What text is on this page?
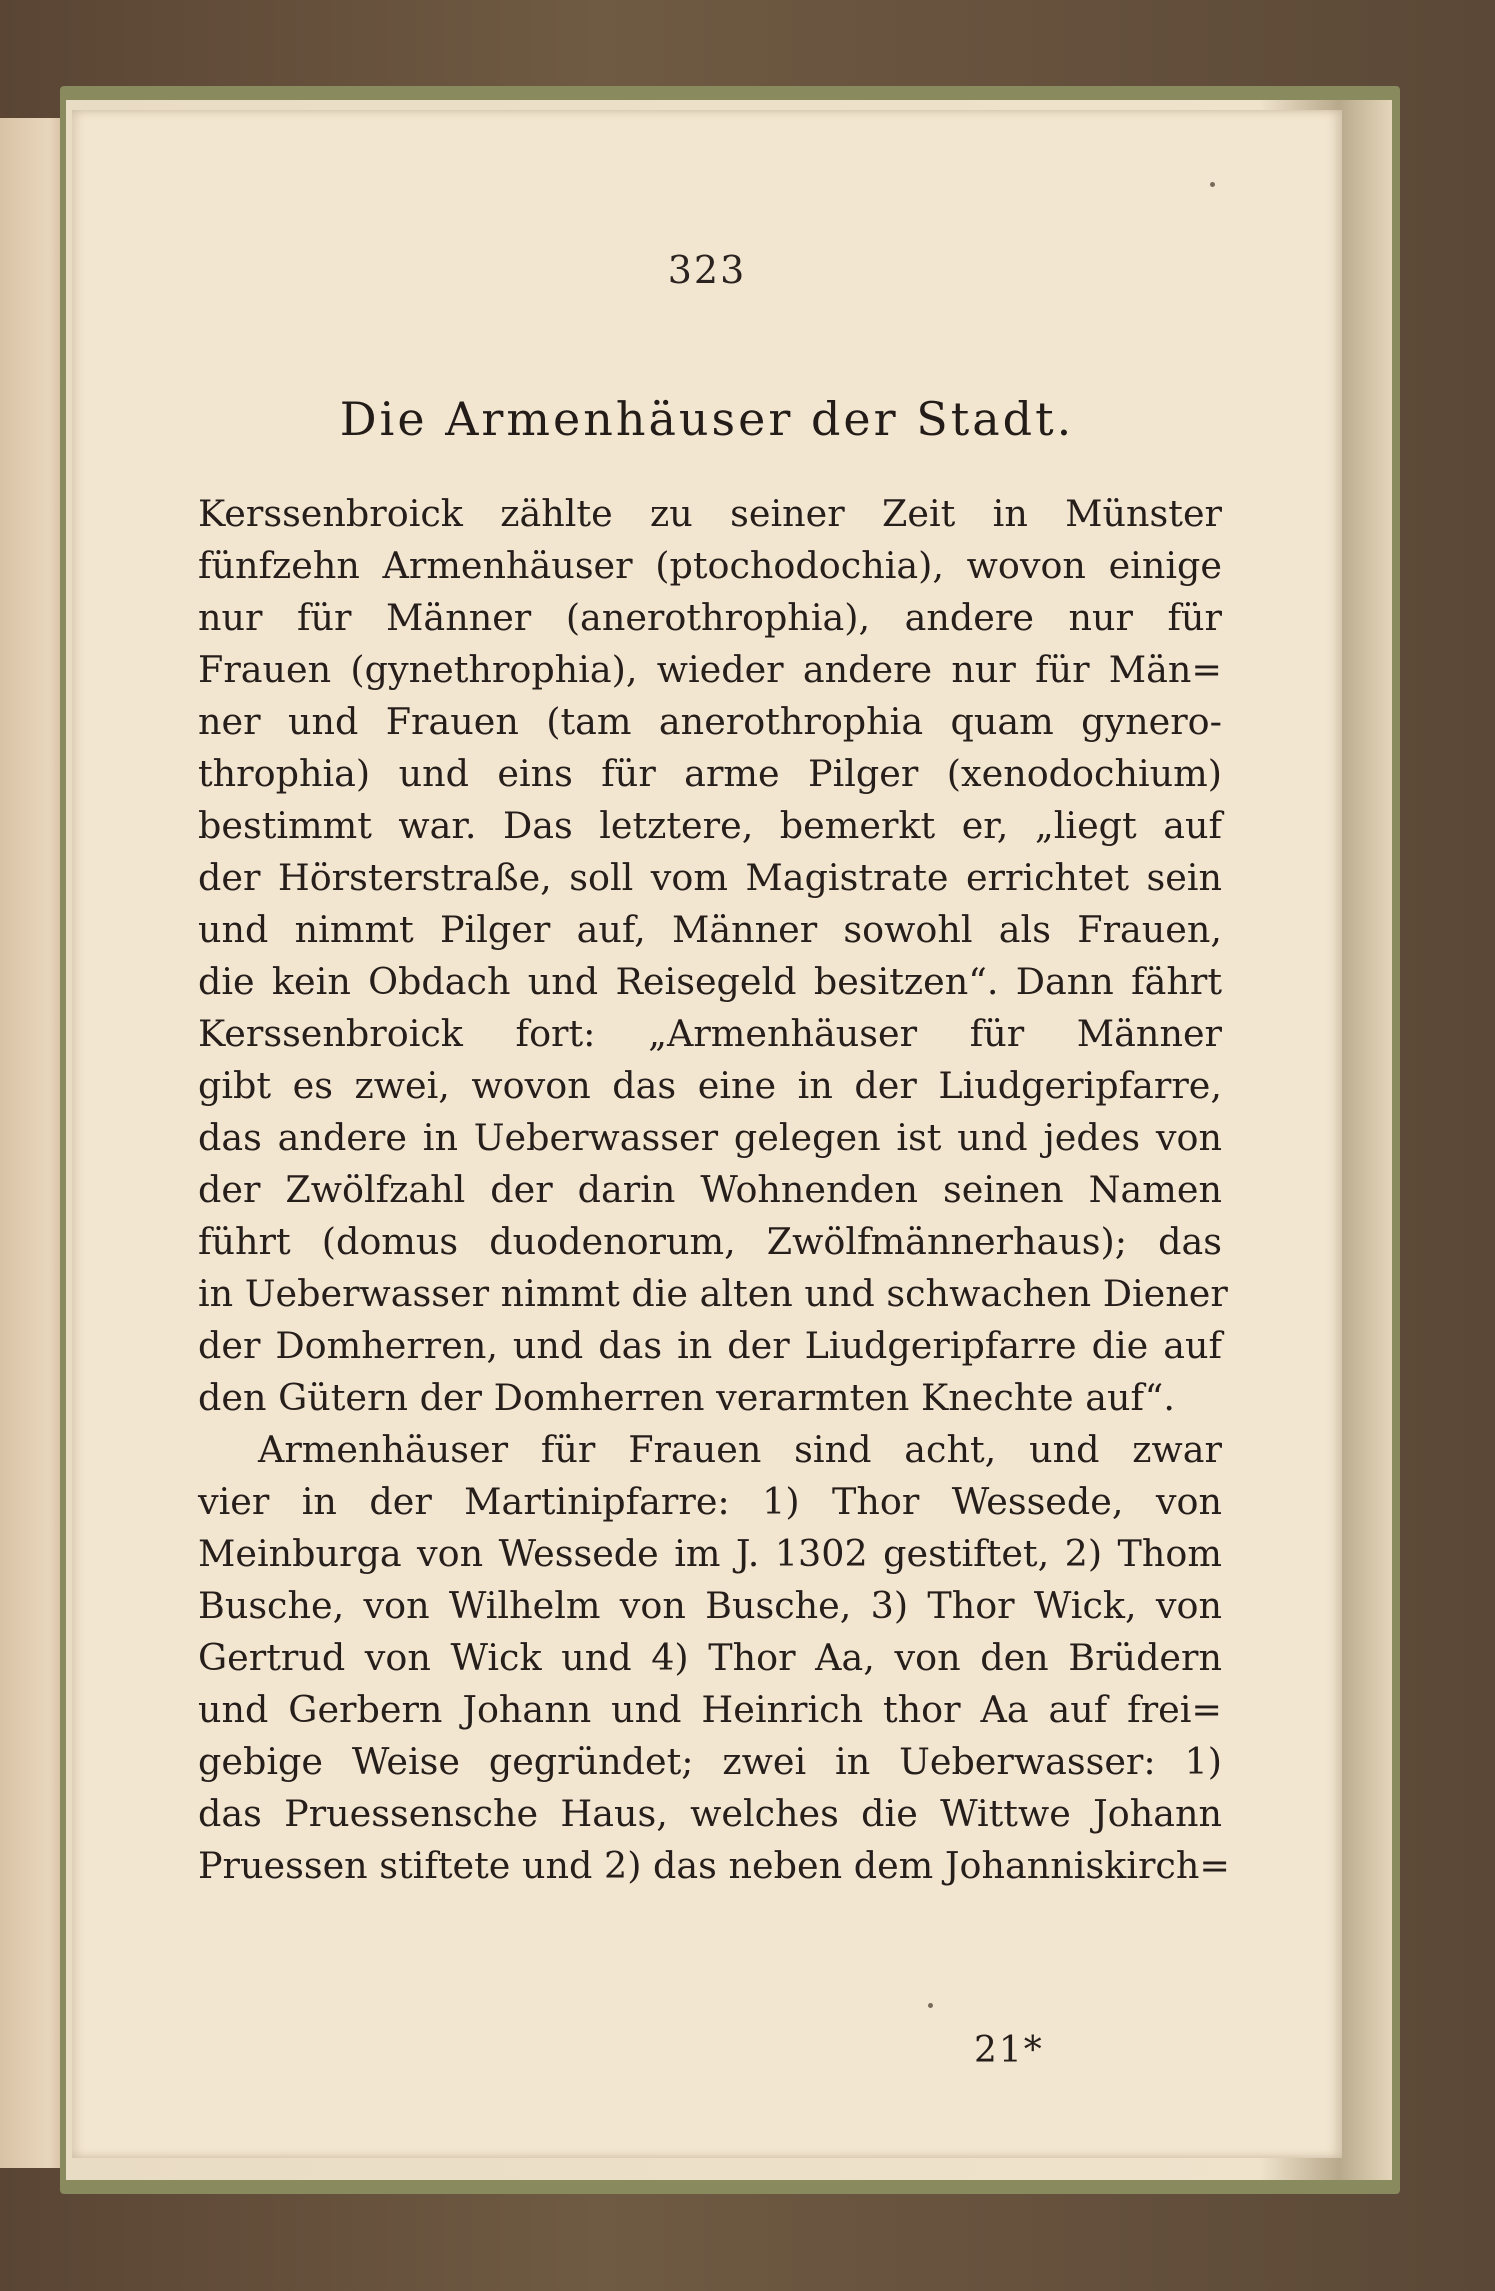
323
Die Armenhäuser der Stadt.
Kerssenbroick zählte zu seiner Zeit in Münster
fünfzehn Armenhäuser (ptochodochia), wovon einige
nur für Männer (anerothrophia), andere nur für
Frauen (gynethrophia), wieder andere nur für Män=
ner und Frauen (tam anerothrophia quam gynero-
throphia) und eins für arme Pilger (xenodochium)
bestimmt war. Das letztere, bemerkt er, „liegt auf
der Hörsterstraße, soll vom Magistrate errichtet sein
und nimmt Pilger auf, Männer sowohl als Frauen,
die kein Obdach und Reisegeld besitzen“. Dann fährt
Kerssenbroick fort: „Armenhäuser für Männer
gibt es zwei, wovon das eine in der Liudgeripfarre,
das andere in Ueberwasser gelegen ist und jedes von
der Zwölfzahl der darin Wohnenden seinen Namen
führt (domus duodenorum, Zwölfmännerhaus); das
in Ueberwasser nimmt die alten und schwachen Diener
der Domherren, und das in der Liudgeripfarre die auf
den Gütern der Domherren verarmten Knechte auf“.
Armenhäuser für Frauen sind acht, und zwar
vier in der Martinipfarre: 1) Thor Wessede, von
Meinburga von Wessede im J. 1302 gestiftet, 2) Thom
Busche, von Wilhelm von Busche, 3) Thor Wick, von
Gertrud von Wick und 4) Thor Aa, von den Brüdern
und Gerbern Johann und Heinrich thor Aa auf frei=
gebige Weise gegründet; zwei in Ueberwasser: 1)
das Pruessensche Haus, welches die Wittwe Johann
Pruessen stiftete und 2) das neben dem Johanniskirch=
21*
